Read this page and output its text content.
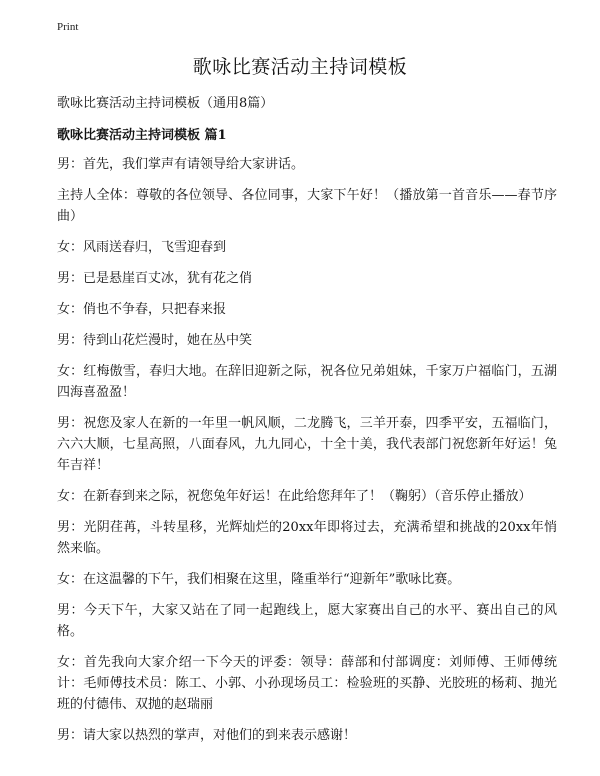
Print
歌咏比赛活动主持词模板
歌咏比赛活动主持词模板（通用8篇）
歌咏比赛活动主持词模板 篇1

男：首先，我们掌声有请领导给大家讲话。

主持人全体：尊敬的各位领导、各位同事，大家下午好！（播放第一首音乐——春节序曲）

女：风雨送春归，飞雪迎春到

男：已是悬崖百丈冰，犹有花之俏

女：俏也不争春，只把春来报

男：待到山花烂漫时，她在丛中笑

女：红梅傲雪，春归大地。在辞旧迎新之际，祝各位兄弟姐妹，千家万户福临门，五湖四海喜盈盈！

男：祝您及家人在新的一年里一帆风顺，二龙腾飞，三羊开泰，四季平安，五福临门，六六大顺，七星高照，八面春风，九九同心，十全十美，我代表部门祝您新年好运！兔年吉祥！

女：在新春到来之际，祝您兔年好运！在此给您拜年了！（鞠躬）（音乐停止播放）

男：光阴荏苒，斗转星移，光辉灿烂的20xx年即将过去，充满希望和挑战的20xx年悄然来临。

女：在这温馨的下午，我们相聚在这里，隆重举行“迎新年”歌咏比赛。

男：今天下午，大家又站在了同一起跑线上，愿大家赛出自己的水平、赛出自己的风格。

女：首先我向大家介绍一下今天的评委：领导：薛部和付部调度：刘师傅、王师傅统计：毛师傅技术员：陈工、小郭、小孙现场员工：检验班的买静、光胶班的杨莉、抛光班的付德伟、双抛的赵瑞丽

男：请大家以热烈的掌声，对他们的到来表示感谢！
